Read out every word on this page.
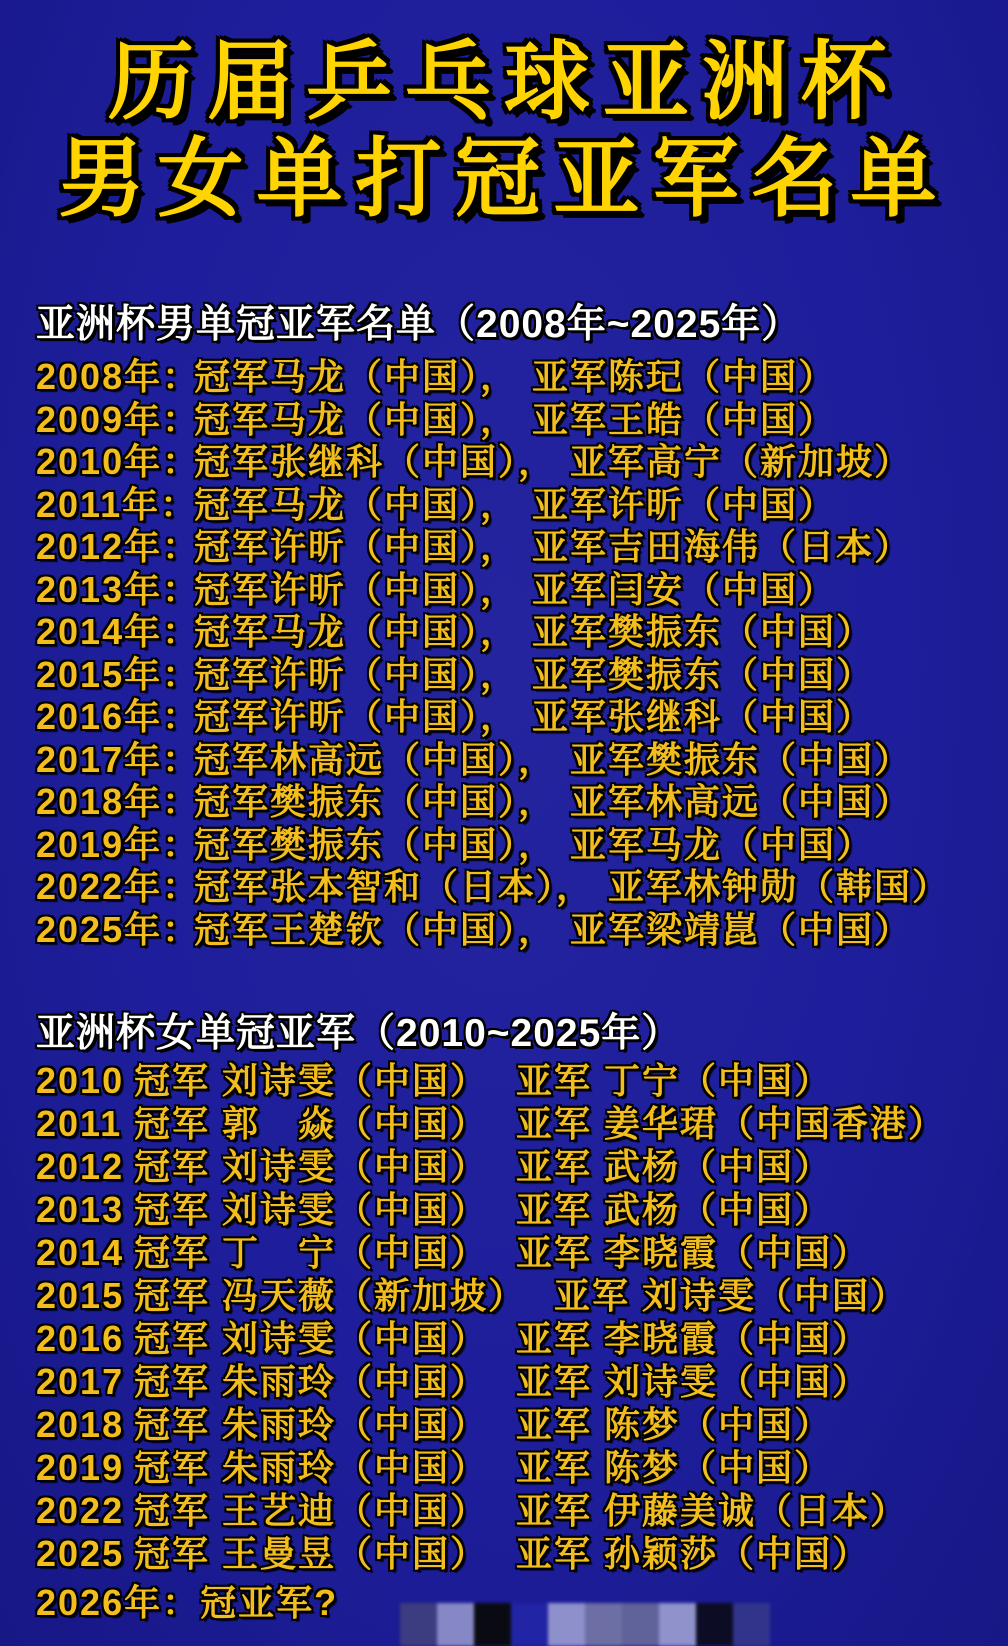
历届乒乓球亚洲杯
男女单打冠亚军名单
亚洲杯男单冠亚军名单（2008年~2025年）
2008年：冠军马龙（中国）， 亚军陈玘（中国）
2009年：冠军马龙（中国）， 亚军王皓（中国）
2010年：冠军张继科（中国）， 亚军高宁（新加坡）
2011年：冠军马龙（中国）， 亚军许昕（中国）
2012年：冠军许昕（中国）， 亚军吉田海伟（日本）
2013年：冠军许昕（中国）， 亚军闫安（中国）
2014年：冠军马龙（中国）， 亚军樊振东（中国）
2015年：冠军许昕（中国）， 亚军樊振东（中国）
2016年：冠军许昕（中国）， 亚军张继科（中国）
2017年：冠军林高远（中国）， 亚军樊振东（中国）
2018年：冠军樊振东（中国）， 亚军林高远（中国）
2019年：冠军樊振东（中国）， 亚军马龙（中国）
2022年：冠军张本智和（日本）， 亚军林钟勋（韩国）
2025年：冠军王楚钦（中国）， 亚军梁靖崑（中国）
亚洲杯女单冠亚军（2010~2025年）
2010 冠军 刘诗雯（中国） 亚军 丁宁（中国）
2011 冠军 郭　焱（中国） 亚军 姜华珺（中国香港）
2012 冠军 刘诗雯（中国） 亚军 武杨（中国）
2013 冠军 刘诗雯（中国） 亚军 武杨（中国）
2014 冠军 丁　宁（中国） 亚军 李晓霞（中国）
2015 冠军 冯天薇（新加坡） 亚军 刘诗雯（中国）
2016 冠军 刘诗雯（中国） 亚军 李晓霞（中国）
2017 冠军 朱雨玲（中国） 亚军 刘诗雯（中国）
2018 冠军 朱雨玲（中国） 亚军 陈梦（中国）
2019 冠军 朱雨玲（中国） 亚军 陈梦（中国）
2022 冠军 王艺迪（中国） 亚军 伊藤美诚（日本）
2025 冠军 王曼昱（中国） 亚军 孙颖莎（中国）
2026年：冠亚军?
